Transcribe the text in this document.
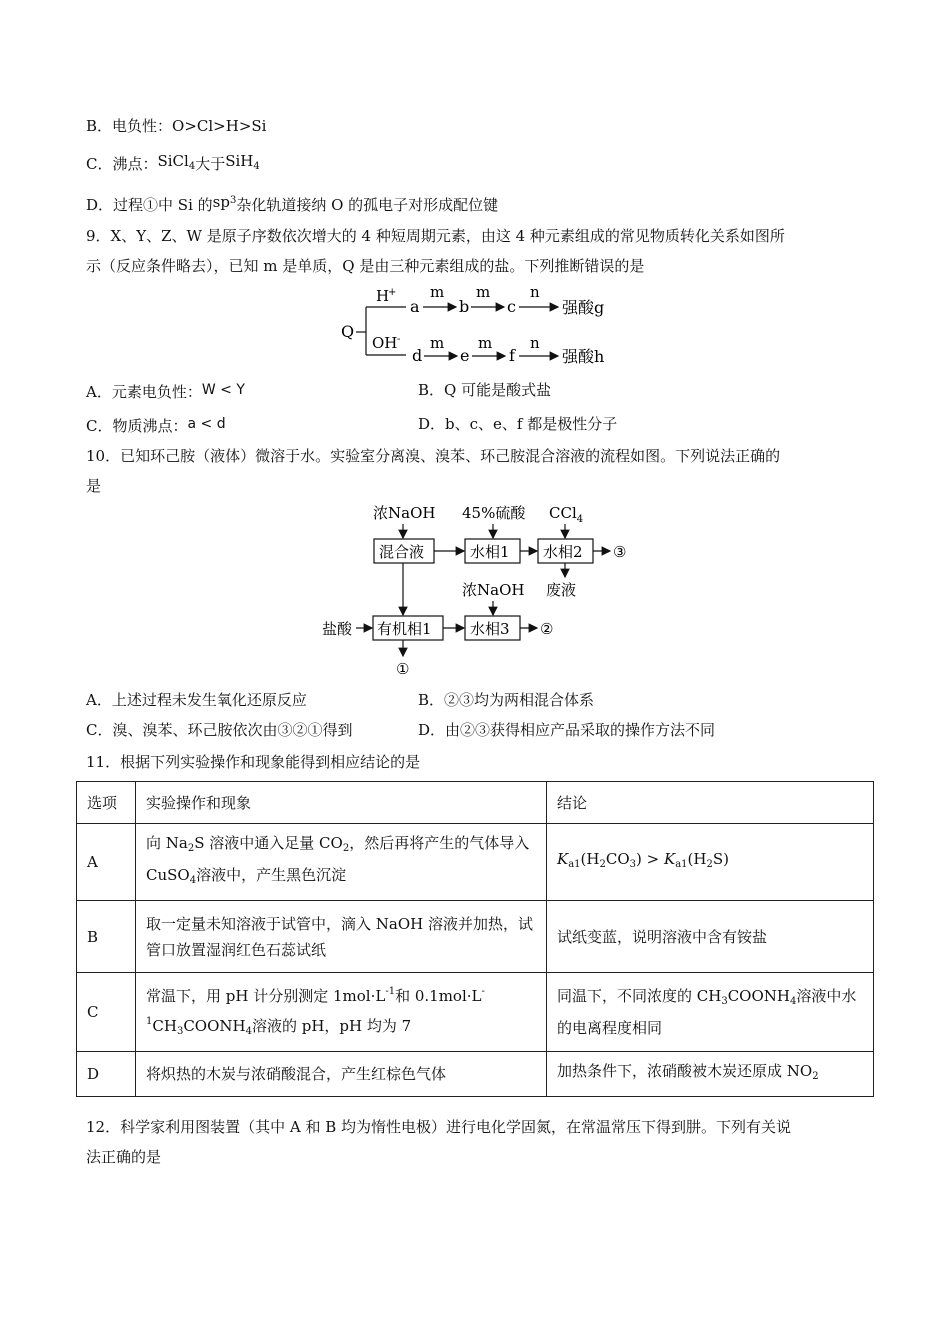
B．电负性：O>Cl>H>Si
C．沸点：SiCl$_4$大于SiH$_4$
D．过程①中 Si 的$sp^3$杂化轨道接纳 O 的孤电子对形成配位键
9．X、Y、Z、W 是原子序数依次增大的 4 种短周期元素，由这 4 种元素组成的常见物质转化关系如图所
示（反应条件略去），已知 m 是单质，Q 是由三种元素组成的盐。下列推断错误的是
Q
H
+
OH -
a
m
b
m
c
n
强酸g
d
m
e
m
f
n
强酸h
A．元素电负性：W < Y	B．Q 可能是酸式盐
C．物质沸点：a < d	D．b、c、e、f 都是极性分子
10．已知环己胺（液体）微溶于水。实验室分离溴、溴苯、环己胺混合溶液的流程如图。下列说法正确的
是
浓NaOH 45%硫酸 CCl$_4$
混合液	水相1 水相2 ③
废液
浓NaOH
盐酸 有机相1	水相3 ②
①
A．上述过程未发生氧化还原反应	B．②③均为两相混合体系
C．溴、溴苯、环己胺依次由③②①得到	D．由②③获得相应产品采取的操作方法不同
11．根据下列实验操作和现象能得到相应结论的是
选项	实验操作和现象	结论
A	向 $Na_2S$ 溶液中通入足量 $CO_2$，然后再将产生的气体导入 CuSO$_4$溶液中，产生黑色沉淀	$K_{a1}(H_2CO_3) > K_{a1}(H_2S)$
B	取一定量未知溶液于试管中，滴入 NaOH 溶液并加热，试管口放置湿润红色石蕊试纸	试纸变蓝，说明溶液中含有铵盐
C	常温下，用 pH 计分别测定 $1mol\cdot L^{-1}$和 $0.1mol\cdot L^{-1}CH_3COONH_4$溶液的 pH，pH 均为 7	同温下，不同浓度的 $CH_3COONH_4$溶液中水的电离程度相同
D	将炽热的木炭与浓硝酸混合，产生红棕色气体	加热条件下，浓硝酸被木炭还原成 $NO_2$
12．科学家利用图装置（其中 A 和 B 均为惰性电极）进行电化学固氮，在常温常压下得到肼。下列有关说
法正确的是
